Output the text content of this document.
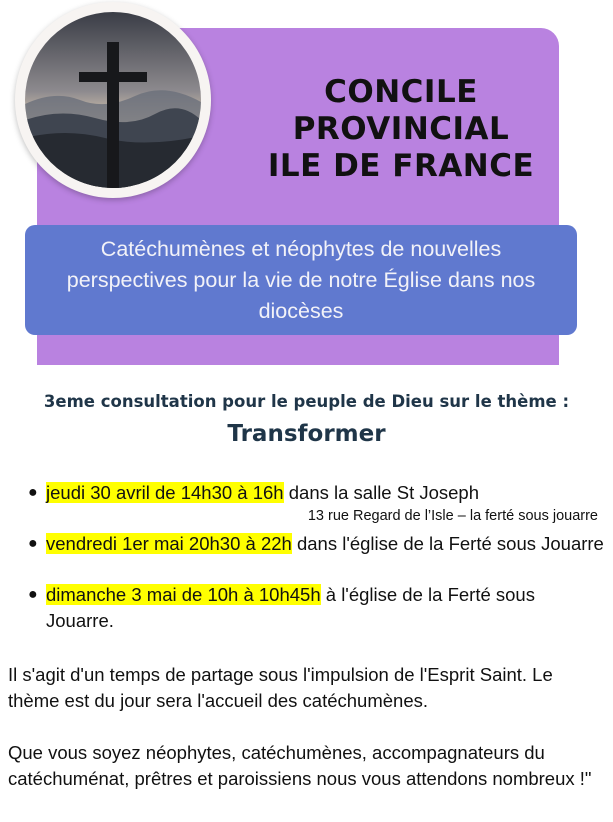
CONCILE
PROVINCIAL
ILE DE FRANCE
Catéchumènes et néophytes de nouvelles perspectives pour la vie de notre Église dans nos diocèses
3eme consultation pour le peuple de Dieu sur le thème :
Transformer
● jeudi 30 avril de 14h30 à 16h dans la salle St Joseph
13 rue Regard de l’Isle – la ferté sous jouarre
● vendredi 1er mai 20h30 à 22h dans l'église de la Ferté sous Jouarre
● dimanche 3 mai de 10h à 10h45h à l'église de la Ferté sous Jouarre.
Il s'agit d'un temps de partage sous l'impulsion de l'Esprit Saint. Le thème est du jour sera l'accueil des catéchumènes.
Que vous soyez néophytes, catéchumènes, accompagnateurs du catéchuménat, prêtres et paroissiens nous vous attendons nombreux !"
